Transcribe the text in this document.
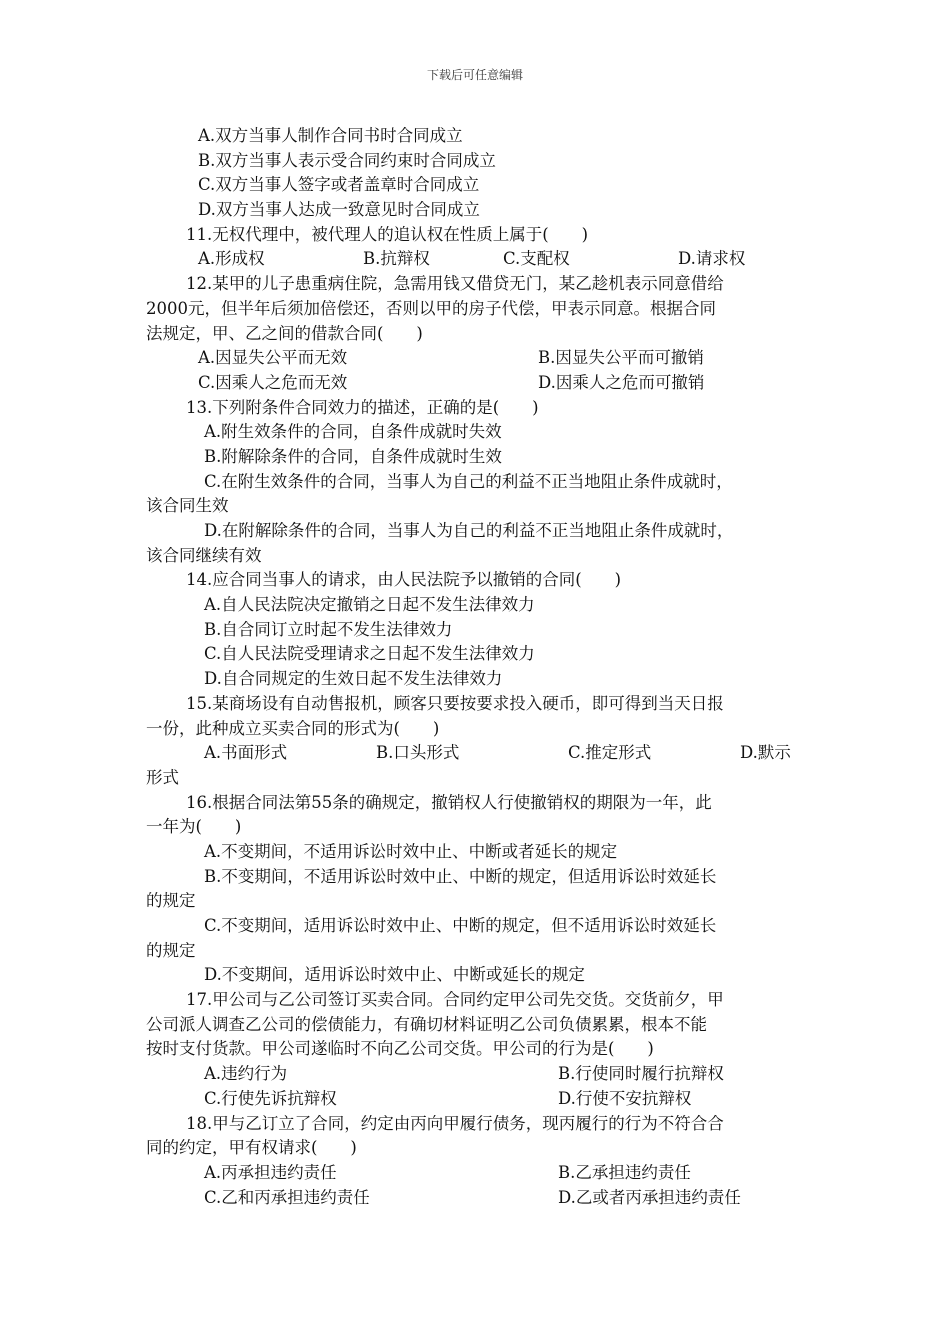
下载后可任意编辑
A.双方当事人制作合同书时合同成立
B.双方当事人表示受合同约束时合同成立
C.双方当事人签字或者盖章时合同成立
D.双方当事人达成一致意见时合同成立
11.无权代理中，被代理人的追认权在性质上属于(　　)
A.形成权	B.抗辩权	C.支配权	D.请求权
12.某甲的儿子患重病住院，急需用钱又借贷无门，某乙趁机表示同意借给
2000元，但半年后须加倍偿还，否则以甲的房子代偿，甲表示同意。根据合同
法规定，甲、乙之间的借款合同(　　)
A.因显失公平而无效	B.因显失公平而可撤销
C.因乘人之危而无效	D.因乘人之危而可撤销
13.下列附条件合同效力的描述，正确的是(　　)
A.附生效条件的合同，自条件成就时失效
B.附解除条件的合同，自条件成就时生效
C.在附生效条件的合同，当事人为自己的利益不正当地阻止条件成就时，
该合同生效
D.在附解除条件的合同，当事人为自己的利益不正当地阻止条件成就时，
该合同继续有效
14.应合同当事人的请求，由人民法院予以撤销的合同(　　)
A.自人民法院决定撤销之日起不发生法律效力
B.自合同订立时起不发生法律效力
C.自人民法院受理请求之日起不发生法律效力
D.自合同规定的生效日起不发生法律效力
15.某商场设有自动售报机，顾客只要按要求投入硬币，即可得到当天日报
一份，此种成立买卖合同的形式为(　　)
A.书面形式	B.口头形式	C.推定形式	D.默示
形式
16.根据合同法第55条的确规定，撤销权人行使撤销权的期限为一年，此
一年为(　　)
A.不变期间，不适用诉讼时效中止、中断或者延长的规定
B.不变期间，不适用诉讼时效中止、中断的规定，但适用诉讼时效延长
的规定
C.不变期间，适用诉讼时效中止、中断的规定，但不适用诉讼时效延长
的规定
D.不变期间，适用诉讼时效中止、中断或延长的规定
17.甲公司与乙公司签订买卖合同。合同约定甲公司先交货。交货前夕，甲
公司派人调查乙公司的偿债能力，有确切材料证明乙公司负债累累，根本不能
按时支付货款。甲公司遂临时不向乙公司交货。甲公司的行为是(　　)
A.违约行为	B.行使同时履行抗辩权
C.行使先诉抗辩权	D.行使不安抗辩权
18.甲与乙订立了合同，约定由丙向甲履行债务，现丙履行的行为不符合合
同的约定，甲有权请求(　　)
A.丙承担违约责任	B.乙承担违约责任
C.乙和丙承担违约责任	D.乙或者丙承担违约责任
